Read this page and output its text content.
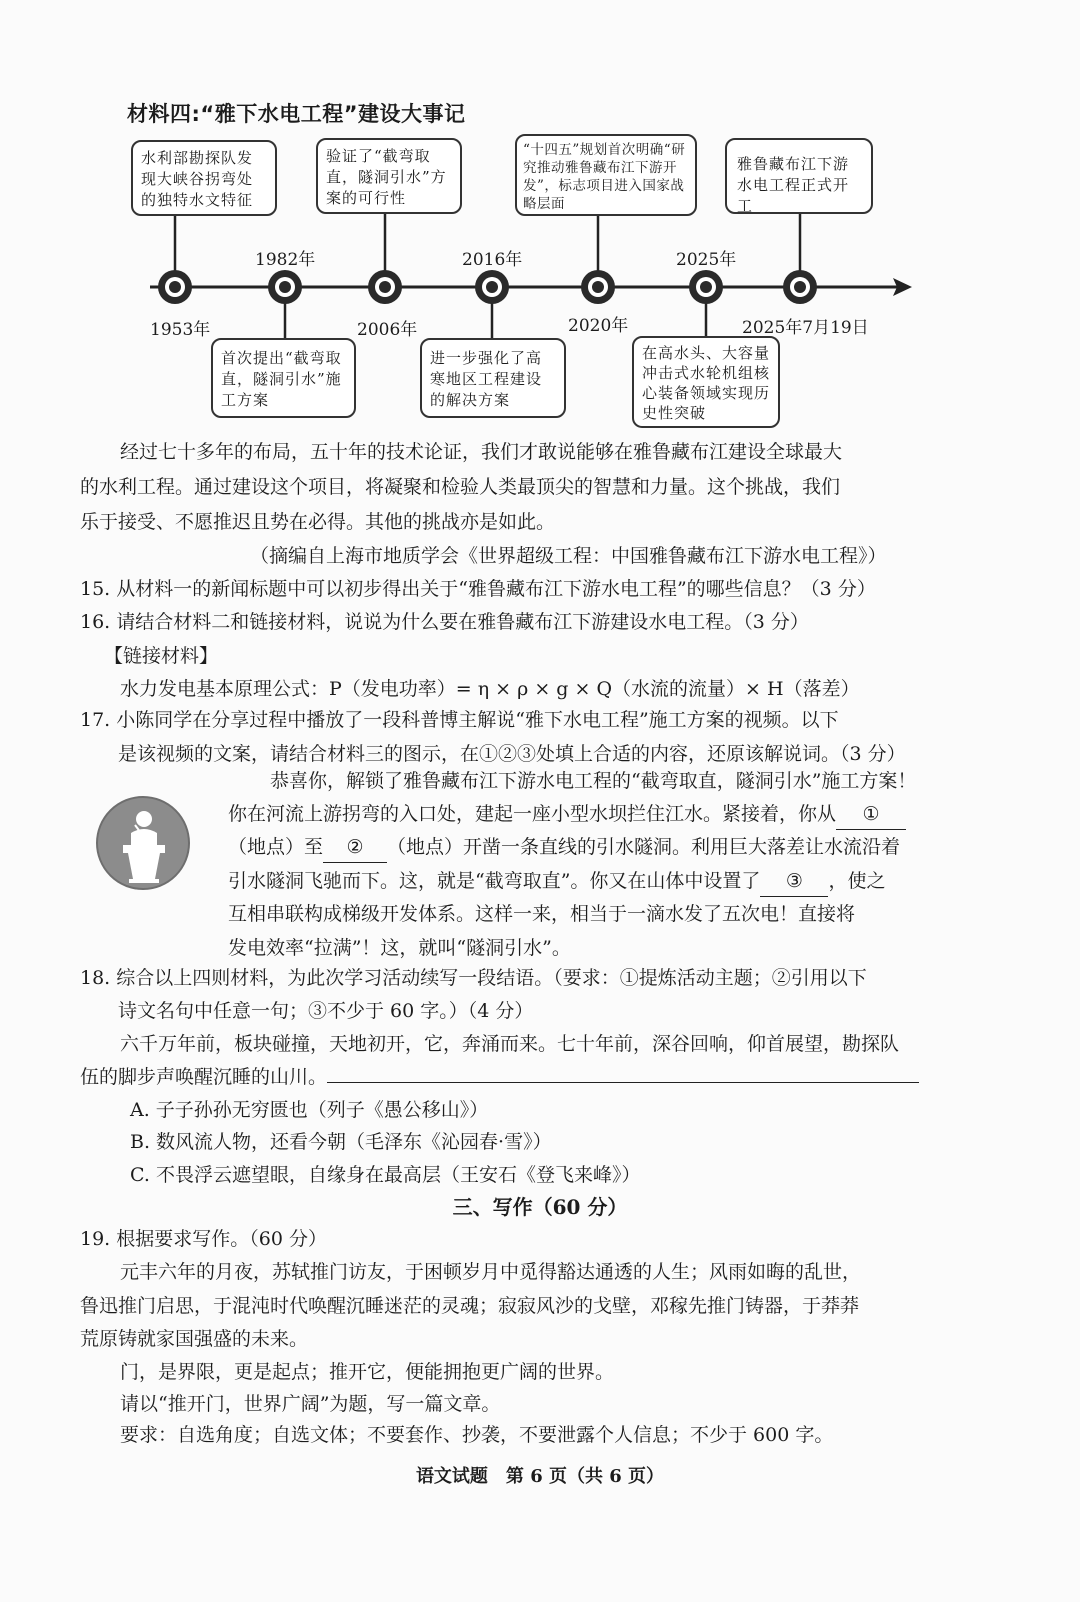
材料四:“雅下水电工程”建设大事记
水利部勘探队发现大峡谷拐弯处的独特水文特征
验证了“截弯取直，隧洞引水”方案的可行性
“十四五”规划首次明确“研究推动雅鲁藏布江下游开发”，标志项目进入国家战略层面
雅鲁藏布江下游水电工程正式开工
首次提出“截弯取直，隧洞引水”施工方案
进一步强化了高寒地区工程建设的解决方案
在高水头、大容量冲击式水轮机组核心装备领域实现历史性突破
1953年
1982年
2006年
2016年
2020年
2025年
2025年7月19日
经过七十多年的布局，五十年的技术论证，我们才敢说能够在雅鲁藏布江建设全球最大
的水利工程。通过建设这个项目，将凝聚和检验人类最顶尖的智慧和力量。这个挑战，我们
乐于接受、不愿推迟且势在必得。其他的挑战亦是如此。
（摘编自上海市地质学会《世界超级工程：中国雅鲁藏布江下游水电工程》）
15. 从材料一的新闻标题中可以初步得出关于“雅鲁藏布江下游水电工程”的哪些信息？（3 分）
16. 请结合材料二和链接材料，说说为什么要在雅鲁藏布江下游建设水电工程。（3 分）
【链接材料】
水力发电基本原理公式：P（发电功率）= η × ρ × g × Q（水流的流量）× H（落差）
17. 小陈同学在分享过程中播放了一段科普博主解说“雅下水电工程”施工方案的视频。以下
是该视频的文案，请结合材料三的图示，在①②③处填上合适的内容，还原该解说词。（3 分）
恭喜你，解锁了雅鲁藏布江下游水电工程的“截弯取直，隧洞引水”施工方案！
你在河流上游拐弯的入口处，建起一座小型水坝拦住江水。紧接着，你从 ①
（地点）至 ② （地点）开凿一条直线的引水隧洞。利用巨大落差让水流沿着
引水隧洞飞驰而下。这，就是“截弯取直”。你又在山体中设置了 ③ ，使之
互相串联构成梯级开发体系。这样一来，相当于一滴水发了五次电！直接将
发电效率“拉满”！这，就叫“隧洞引水”。
18. 综合以上四则材料，为此次学习活动续写一段结语。（要求：①提炼活动主题；②引用以下
诗文名句中任意一句；③不少于 60 字。）（4 分）
六千万年前，板块碰撞，天地初开，它，奔涌而来。七十年前，深谷回响，仰首展望，勘探队
伍的脚步声唤醒沉睡的山川。
A. 子子孙孙无穷匮也（列子《愚公移山》）
B. 数风流人物，还看今朝（毛泽东《沁园春·雪》）
C. 不畏浮云遮望眼，自缘身在最高层（王安石《登飞来峰》）
三、写作（60 分）
19. 根据要求写作。（60 分）
元丰六年的月夜，苏轼推门访友，于困顿岁月中觅得豁达通透的人生；风雨如晦的乱世，
鲁迅推门启思，于混沌时代唤醒沉睡迷茫的灵魂；寂寂风沙的戈壁，邓稼先推门铸器，于莽莽
荒原铸就家国强盛的未来。
门，是界限，更是起点；推开它，便能拥抱更广阔的世界。
请以“推开门，世界广阔”为题，写一篇文章。
要求：自选角度；自选文体；不要套作、抄袭，不要泄露个人信息；不少于 600 字。
语文试题　第 6 页（共 6 页）
